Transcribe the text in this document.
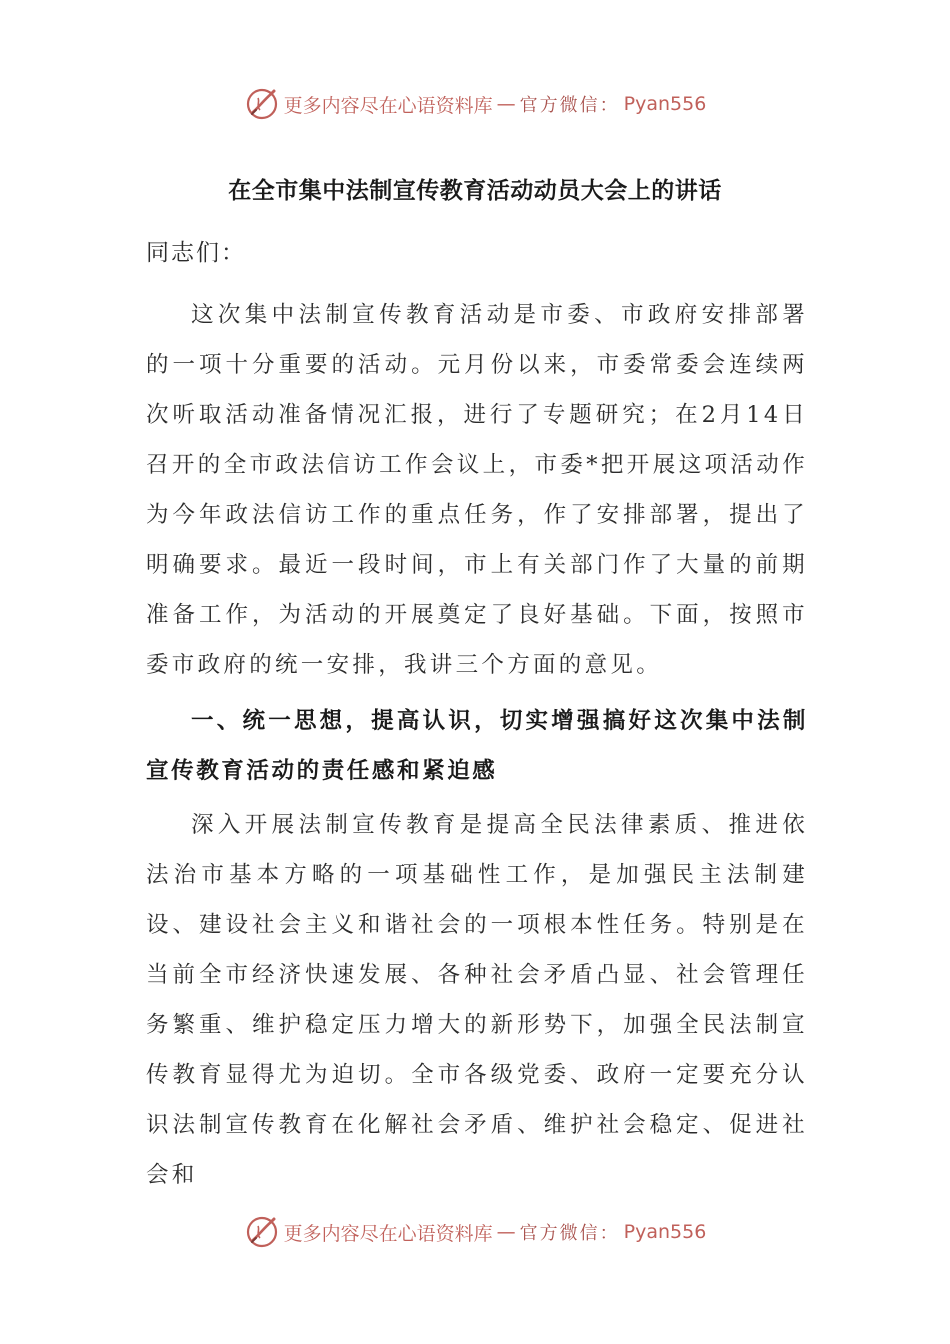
更多内容尽在心语资料库 — 官方微信： Pyan556
在全市集中法制宣传教育活动动员大会上的讲话

同志们：

这次集中法制宣传教育活动是市委、市政府安排部署的一项十分重要的活动。元月份以来，市委常委会连续两次听取活动准备情况汇报，进行了专题研究；在2月14日召开的全市政法信访工作会议上，市委*把开展这项活动作为今年政法信访工作的重点任务，作了安排部署，提出了明确要求。最近一段时间，市上有关部门作了大量的前期准备工作，为活动的开展奠定了良好基础。下面，按照市委市政府的统一安排，我讲三个方面的意见。

一、统一思想，提高认识，切实增强搞好这次集中法制宣传教育活动的责任感和紧迫感

深入开展法制宣传教育是提高全民法律素质、推进依法治市基本方略的一项基础性工作，是加强民主法制建设、建设社会主义和谐社会的一项根本性任务。特别是在当前全市经济快速发展、各种社会矛盾凸显、社会管理任务繁重、维护稳定压力增大的新形势下，加强全民法制宣传教育显得尤为迫切。全市各级党委、政府一定要充分认识法制宣传教育在化解社会矛盾、维护社会稳定、促进社会和

更多内容尽在心语资料库 — 官方微信： Pyan556
